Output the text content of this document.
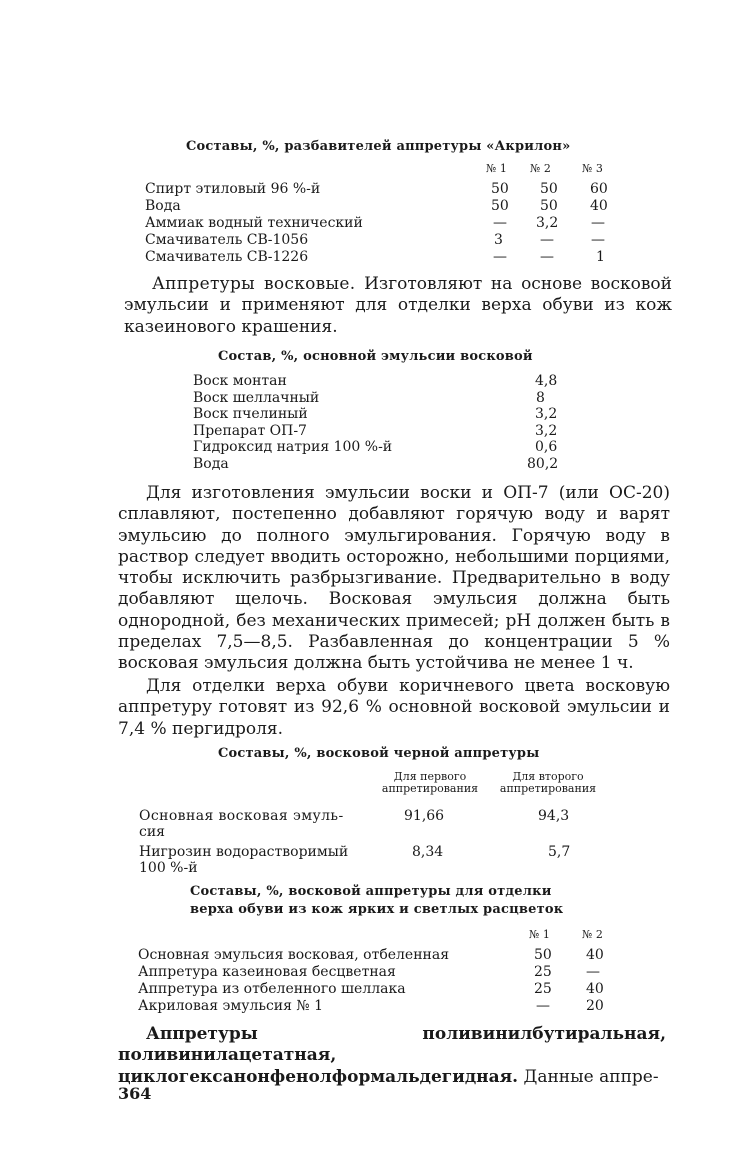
Составы, %, разбавителей аппретуры «Акрилон»
№ 1 № 2	№ 3
Спирт этиловый 96 %-й	50 50 60
Вода	50 50 40
Аммиак водный технический	— 3,2 —
Смачиватель СВ-1056	3	—	—
Смачиватель СВ-1226	— —	1
Аппретуры восковые. Изготовляют на основе восковой эмульсии и применяют для отделки верха обуви из кож казеинового крашения.
Состав, %, основной эмульсии восковой
Воск монтан	4,8
Воск шеллачный	8
Воск пчелиный	3,2
Препарат ОП-7	3,2
Гидроксид натрия 100 %-й	0,6
Вода	80,2
Для изготовления эмульсии воски и ОП-7 (или ОС-20) сплавляют, постепенно добавляют горячую воду и варят эмульсию до полного эмульгирования. Горячую воду в раствор следует вводить осторожно, небольшими порциями, чтобы исключить разбрызгивание. Предварительно в воду добавляют щелочь. Восковая эмульсия должна быть однородной, без механических примесей; pH должен быть в пределах 7,5—8,5. Разбавленная до концентрации 5 % восковая эмульсия должна быть устойчива не менее 1 ч.
Для отделки верха обуви коричневого цвета восковую аппретуру готовят из 92,6 % основной восковой эмульсии и 7,4 % пергидроля.
Составы, %, восковой черной аппретуры
Для первого аппретирования
Для второго аппретирования
Основная восковая эмуль-	91,66	94,3
сия
Нигрозин водорастворимый	8,34	5,7
100 %-й
Составы, %, восковой аппретуры для отделки
верха обуви из кож ярких и светлых расцветок
№ 1	№ 2
Основная эмульсия восковая, отбеленная	50 40
Аппретура казеиновая бесцветная	25 —
Аппретура из отбеленного шеллака	25 40
Акриловая эмульсия № 1	—	20
Аппретуры поливинилбутиральная, поливинилацетатная, циклогексанонфенолформальдегидная. Данные аппре-
364
